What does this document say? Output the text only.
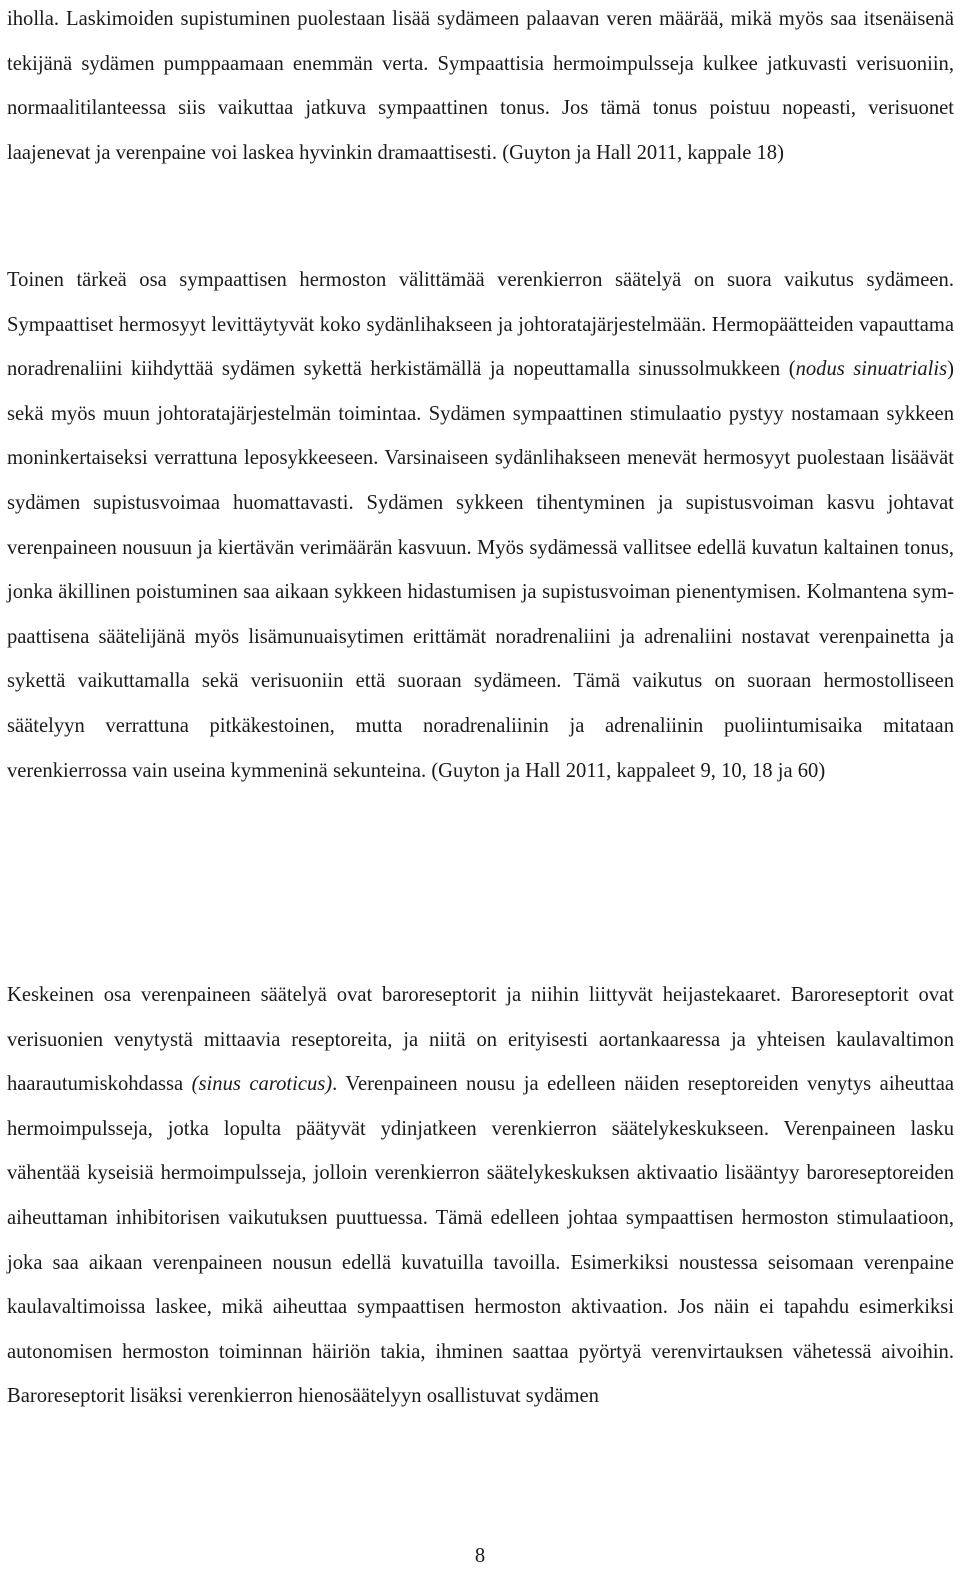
iholla. Laskimoiden supistuminen puolestaan lisää sydämeen palaavan veren määrää, mikä myös saa itsenäisenä tekijänä sydämen pumppaamaan enemmän verta. Sympaattisia hermoimpulsseja kulkee jatkuvasti verisuoniin, normaalitilanteessa siis vaikuttaa jatkuva sympaattinen tonus. Jos tämä tonus poistuu nopeasti, verisuonet laajenevat ja verenpaine voi laskea hyvinkin dramaattisesti. (Guyton ja Hall 2011, kappale 18)

Toinen tärkeä osa sympaattisen hermoston välittämää verenkierron säätelyä on suora vaikutus sydämeen. Sympaattiset hermosyyt levittäytyvät koko sydänlihakseen ja johtoratajärjestelmään. Hermopäätteiden vapauttama noradrenaliini kiihdyttää sydämen sykettä herkistämällä ja nopeuttamalla sinussolmukkeen (nodus sinuatrialis) sekä myös muun johtoratajärjestelmän toimintaa. Sydämen sympaattinen stimulaatio pystyy nostamaan sykkeen moninkertaiseksi verrattuna leposykkeeseen. Varsinaiseen sydänlihakseen menevät hermosyyt puolestaan lisäävät sydämen supistusvoimaa huomattavasti. Sydämen sykkeen tihentyminen ja supistusvoiman kasvu johtavat verenpaineen nousuun ja kiertävän verimäärän kasvuun. Myös sydämessä vallitsee edellä kuvatun kaltainen tonus, jonka äkillinen poistuminen saa aikaan sykkeen hidastumisen ja supistusvoiman pienentymisen. Kolmantena sympaattisena säätelijänä myös lisämunuaisytimen erittämät noradrenaliini ja adrenaliini nostavat verenpainetta ja sykettä vaikuttamalla sekä verisuoniin että suoraan sydämeen. Tämä vaikutus on suoraan hermostolliseen säätelyyn verrattuna pitkäkestoinen, mutta noradrenaliinin ja adrenaliinin puoliintumisaika mitataan verenkierrossa vain useina kymmeninä sekunteina. (Guyton ja Hall 2011, kappaleet 9, 10, 18 ja 60)

Keskeinen osa verenpaineen säätelyä ovat baroreseptorit ja niihin liittyvät heijastekaaret. Baroreseptorit ovat verisuonien venytystä mittaavia reseptoreita, ja niitä on erityisesti aortankaaressa ja yhteisen kaulavaltimon haarautumiskohdassa (sinus caroticus). Verenpaineen nousu ja edelleen näiden reseptoreiden venytys aiheuttaa hermoimpulsseja, jotka lopulta päätyvät ydinjatkeen verenkierron säätelykeskukseen. Verenpaineen lasku vähentää kyseisiä hermoimpulsseja, jolloin verenkierron säätelykeskuksen aktivaatio lisääntyy baroreseptoreiden aiheuttaman inhibitorisen vaikutuksen puuttuessa. Tämä edelleen johtaa sympaattisen hermoston stimulaatioon, joka saa aikaan verenpaineen nousun edellä kuvatuilla tavoilla. Esimerkiksi noustessa seisomaan verenpaine kaulavaltimoissa laskee, mikä aiheuttaa sympaattisen hermoston aktivaation. Jos näin ei tapahdu esimerkiksi autonomisen hermoston toiminnan häiriön takia, ihminen saattaa pyörtyä verenvirtauksen vähetessä aivoihin. Baroreseptorit lisäksi verenkierron hienosäätelyyn osallistuvat sydämen

8
